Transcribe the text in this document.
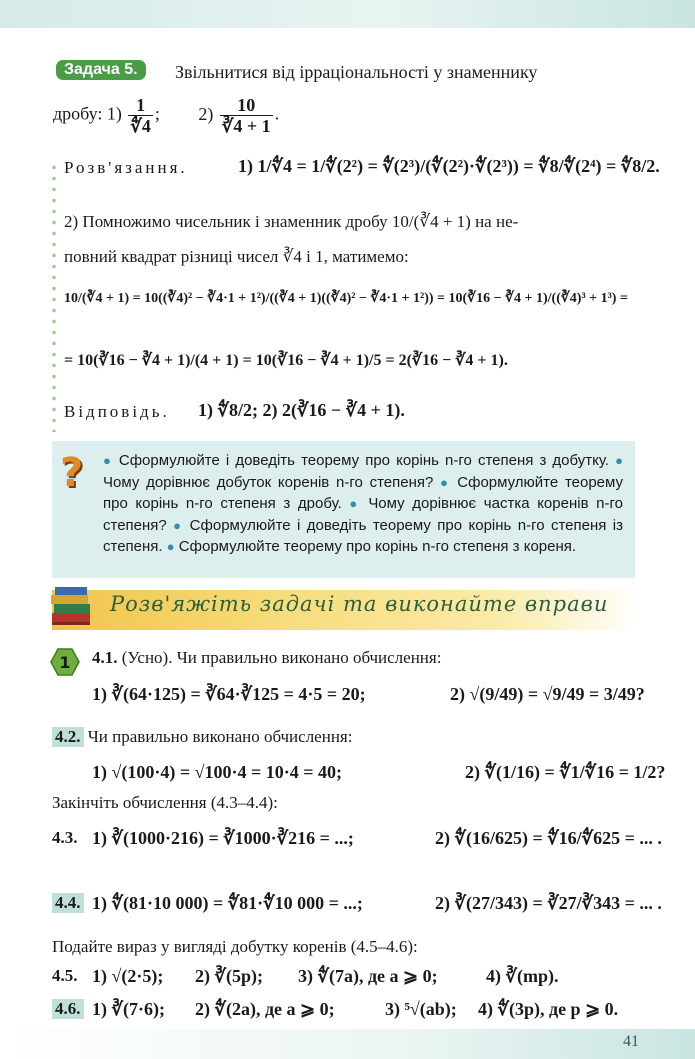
Задача 5.	Звільнитися від ірраціональності у знаменнику
дробу: $1) \frac{1}{∜4}$ ; $2) \frac{10}{∛4 + 1}$ .
Розв'язання.	1) 1/∜4 = 1/∜(2²) = ∜(2³)/(∜(2²)·∜(2³)) = ∜8/∜(2⁴) = ∜8/2.
2) Помножимо чисельник і знаменник дробу 10/(∛4 + 1) на не-
повний квадрат різниці чисел ∛4 і 1, матимемо:
10/(∛4 + 1) = 10((∛4)² − ∛4·1 + 1²)/((∛4 + 1)((∛4)² − ∛4·1 + 1²)) = 10(∛16 − ∛4 + 1)/((∛4)³ + 1³) =
= 10(∛16 − ∛4 + 1)/(4 + 1) = 10(∛16 − ∛4 + 1)/5 = 2(∛16 − ∛4 + 1).
Відповідь. 1) ∜8/2; 2) 2(∛16 − ∛4 + 1).
? ● Сформулюйте і доведіть теорему про корінь n-го степеня з добутку. ● Чому дорівнює добуток коренів n-го степеня? ● Сформулюйте теорему про корінь n-го степеня з дробу. ● Чому дорівнює частка коренів n-го степеня? ● Сформулюйте і доведіть теорему про корінь n-го степеня із степеня. ● Сформулюйте теорему про корінь n-го степеня з кореня.
Розв'яжіть задачі та виконайте вправи
1 4.1. (Усно). Чи правильно виконано обчислення:
1) ∛(64·125) = ∛64·∛125 = 4·5 = 20;	2) √(9/49) = √9/49 = 3/49?
4.2. Чи правильно виконано обчислення:
1) √(100·4) = √100·4 = 10·4 = 40;	2) ∜(1/16) = ∜1/∜16 = 1/2?
Закінчіть обчислення (4.3–4.4):
4.3. 1) ∛(1000·216) = ∛1000·∛216 = ...;	2) ∜(16/625) = ∜16/∜625 = ... .
4.4. 1) ∜(81·10 000) = ∜81·∜10 000 = ...;	2) ∛(27/343) = ∛27/∛343 = ... .
Подайте вираз у вигляді добутку коренів (4.5–4.6):
4.5. 1) √(2·5); 2) ∛(5p); 3) ∜(7a), де a ⩾ 0;	4) ∛(mp).
4.6. 1) ∛(7·6); 2) ∜(2a), де a ⩾ 0;	3) ⁵√(ab); 4) ∜(3p), де p ⩾ 0.
41
